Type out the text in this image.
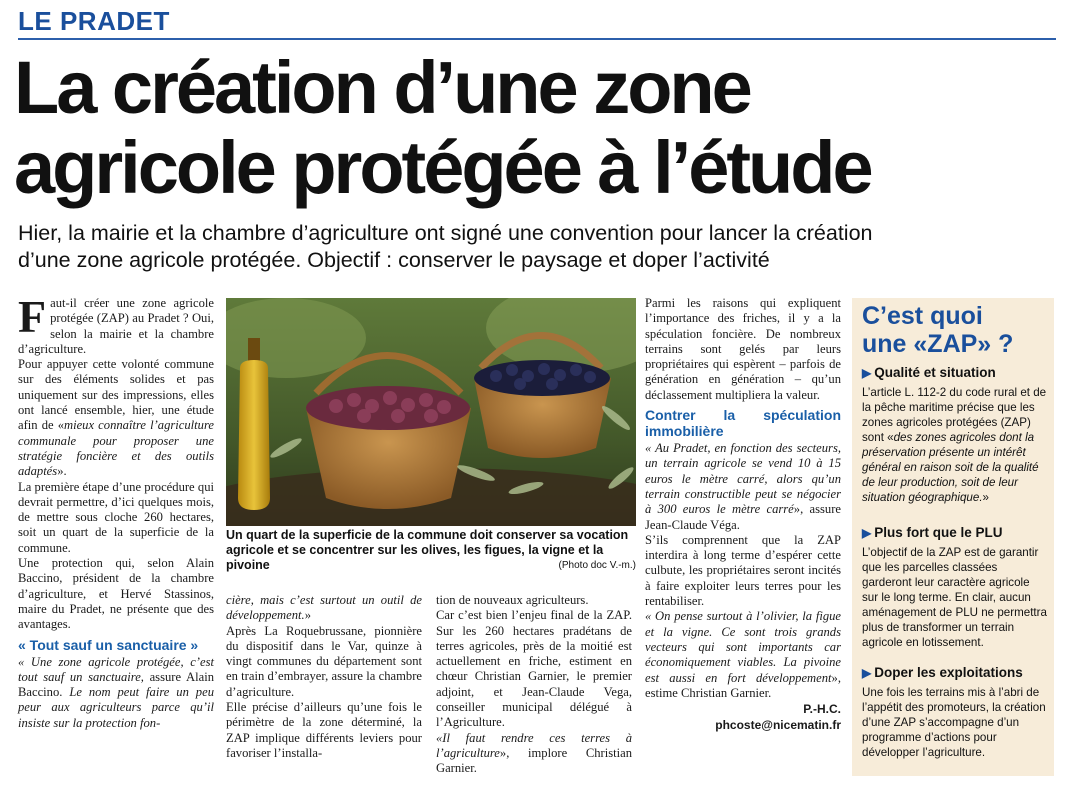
LE PRADET
La création d’une zone
agricole protégée à l’étude
Hier, la mairie et la chambre d’agriculture ont signé une convention pour lancer la création
d’une zone agricole protégée. Objectif : conserver le paysage et doper l’activité

Faut-il créer une zone agricole protégée (ZAP) au Pradet ? Oui, selon la mairie et la chambre d’agriculture.

Pour appuyer cette volonté commune sur des éléments solides et pas uniquement sur des impressions, elles ont lancé ensemble, hier, une étude afin de «mieux connaître l’agriculture communale pour proposer une stratégie foncière et des outils adaptés».

La première étape d’une procédure qui devrait permettre, d’ici quelques mois, de mettre sous cloche 260 hectares, soit un quart de la superficie de la commune.

Une protection qui, selon Alain Baccino, président de la chambre d’agriculture, et Hervé Stassinos, maire du Pradet, ne présente que des avantages.

« Tout sauf un sanctuaire »

« Une zone agricole protégée, c’est tout sauf un sanctuaire, assure Alain Baccino. Le nom peut faire un peu peur aux agriculteurs parce qu’il insiste sur la protection fon-

Un quart de la superficie de la commune doit conserver sa vocation agricole et se concentrer sur les olives, les figues, la vigne et la pivoine	(Photo doc V.-m.)

cière, mais c’est surtout un outil de développement.»

Après La Roquebrussane, pionnière du dispositif dans le Var, quinze à vingt communes du département sont en train d’embrayer, assure la chambre d’agriculture.

Elle précise d’ailleurs qu’une fois le périmètre de la zone déterminé, la ZAP implique différents leviers pour favoriser l’installa-

tion de nouveaux agriculteurs.

Car c’est bien l’enjeu final de la ZAP. Sur les 260 hectares pradétans de terres agricoles, près de la moitié est actuellement en friche, estiment en chœur Christian Garnier, le premier adjoint, et Jean-Claude Vega, conseiller municipal délégué à l’Agriculture.

«Il faut rendre ces terres à l’agriculture», implore Christian Garnier.

Parmi les raisons qui expliquent l’importance des friches, il y a la spéculation foncière. De nombreux terrains sont gelés par leurs propriétaires qui espèrent – parfois de génération en génération – qu’un déclassement multipliera la valeur.

Contrer la spéculation immobilière

« Au Pradet, en fonction des secteurs, un terrain agricole se vend 10 à 15 euros le mètre carré, alors qu’un terrain constructible peut se négocier à 300 euros le mètre carré», assure Jean-Claude Véga.

S’ils comprennent que la ZAP interdira à long terme d’espérer cette culbute, les propriétaires seront incités à faire exploiter leurs terres pour les rentabiliser.

« On pense surtout à l’olivier, la figue et la vigne. Ce sont trois grands vecteurs qui sont importants car économiquement viables. La pivoine est aussi en fort développement», estime Christian Garnier.

P.-H.C.
phcoste@nicematin.fr
C’est quoi
une «ZAP» ?
▶ Qualité et situation
L’article L. 112-2 du code rural et de la pêche maritime précise que les zones agricoles protégées (ZAP) sont «des zones agricoles dont la préservation présente un intérêt général en raison soit de la qualité de leur production, soit de leur situation géographique.»
▶ Plus fort que le PLU
L’objectif de la ZAP est de garantir que les parcelles classées garderont leur caractère agricole sur le long terme. En clair, aucun aménagement de PLU ne permettra plus de transformer un terrain agricole en lotissement.
▶ Doper les exploitations
Une fois les terrains mis à l’abri de l’appétit des promoteurs, la création d’une ZAP s’accompagne d’un programme d’actions pour développer l’agriculture.
